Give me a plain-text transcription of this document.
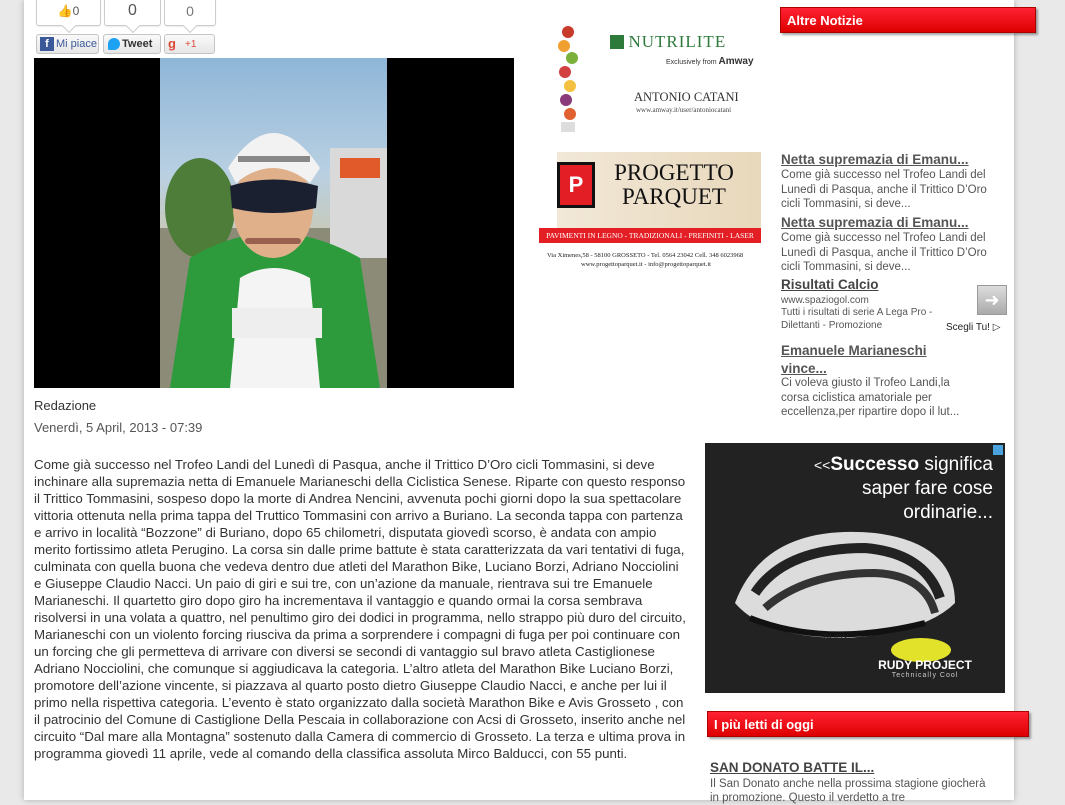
👍0	0	0
f Mi piace	Tweet	g +1
Redazione
Venerdì, 5 April, 2013 - 07:39

Come già successo nel Trofeo Landi del Lunedì di Pasqua, anche il Trittico D’Oro cicli Tommasini, si deve inchinare alla supremazia netta di Emanuele Marianeschi della Ciclistica Senese. Riparte con questo responso il Trittico Tommasini, sospeso dopo la morte di Andrea Nencini, avvenuta pochi giorni dopo la sua spettacolare vittoria ottenuta nella prima tappa del Truttico Tommasini con arrivo a Buriano. La seconda tappa con partenza e arrivo in località “Bozzone” di Buriano, dopo 65 chilometri, disputata giovedì scorso, è andata con ampio merito fortissimo atleta Perugino. La corsa sin dalle prime battute è stata caratterizzata da vari tentativi di fuga, culminata con quella buona che vedeva dentro due atleti del Marathon Bike, Luciano Borzi, Adriano Nocciolini e Giuseppe Claudio Nacci. Un paio di giri e sui tre, con un’azione da manuale, rientrava sui tre Emanuele Marianeschi. Il quartetto giro dopo giro ha incrementava il vantaggio e quando ormai la corsa sembrava risolversi in una volata a quattro, nel penultimo giro dei dodici in programma, nello strappo più duro del circuito, Marianeschi con un violento forcing riusciva da prima a sorprendere i compagni di fuga per poi continuare con un forcing che gli permetteva di arrivare con diversi se secondi di vantaggio sul bravo atleta Castiglionese Adriano Nocciolini, che comunque si aggiudicava la categoria. L’altro atleta del Marathon Bike Luciano Borzi, promotore dell’azione vincente, si piazzava al quarto posto dietro Giuseppe Claudio Nacci, e anche per lui il primo nella rispettiva categoria. L’evento è stato organizzato dalla società Marathon Bike e Avis Grosseto , con il patrocinio del Comune di Castiglione Della Pescaia in collaborazione con Acsi di Grosseto, inserito anche nel circuito “Dal mare alla Montagna” sostenuto dalla Camera di commercio di Grosseto. La terza e ultima prova in programma giovedì 11 aprile, vede al comando della classifica assoluta Mirco Balducci, con 55 punti.

NUTRILITE
Exclusively from Amway
ANTONIO CATANI
www.amway.it/user/antoniocatani
P	PROGETTO
PARQUET
PAVIMENTI IN LEGNO - TRADIZIONALI - PREFINITI - LASER
Via Ximenes,58 - 58100 GROSSETO - Tel. 0564 23042 Cell. 348 6023968
www.progettoparquet.it - info@progettoparquet.it
<<Successo significa
saper fare cose
ordinarie...
RUDY
RUDY PROJECT
Technically Cool
Altre Notizie
Netta supremazia di Emanu...
Come già successo nel Trofeo Landi del Lunedì di Pasqua, anche il Trittico D’Oro cicli Tommasini, si deve...
Netta supremazia di Emanu...
Come già successo nel Trofeo Landi del Lunedì di Pasqua, anche il Trittico D’Oro cicli Tommasini, si deve...
Risultati Calcio
www.spaziogol.com
Tutti i risultati di serie A Lega Pro - Dilettanti - Promozione
➜
Scegli Tu! ▷
Emanuele Marianeschi
vince...
Ci voleva giusto il Trofeo Landi,la corsa ciclistica amatoriale per eccellenza,per ripartire dopo il lut...
I più letti di oggi
SAN DONATO BATTE IL...
Il San Donato anche nella prossima stagione giocherà in promozione. Questo il verdetto a tre
